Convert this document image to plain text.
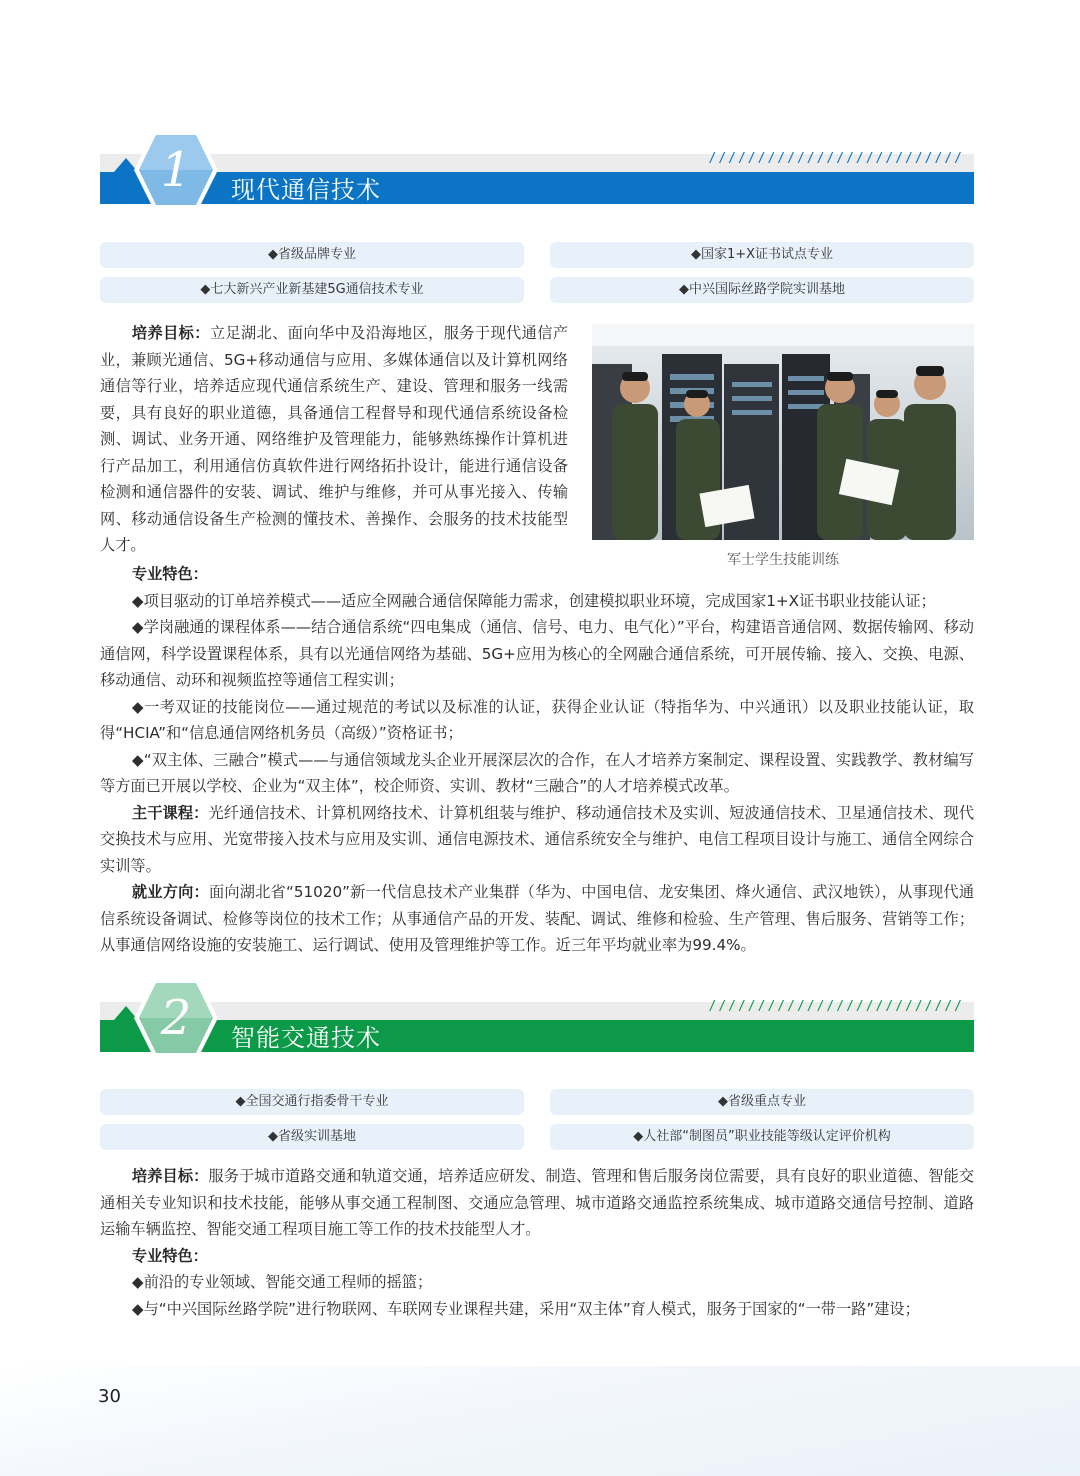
//////////////////////////
1	现代通信技术
◆省级品牌专业	◆国家1+X证书试点专业
◆七大新兴产业新基建5G通信技术专业	◆中兴国际丝路学院实训基地

培养目标：立足湖北、面向华中及沿海地区，服务于现代通信产业，兼顾光通信、5G+移动通信与应用、多媒体通信以及计算机网络通信等行业，培养适应现代通信系统生产、建设、管理和服务一线需要，具有良好的职业道德，具备通信工程督导和现代通信系统设备检测、调试、业务开通、网络维护及管理能力，能够熟练操作计算机进行产品加工，利用通信仿真软件进行网络拓扑设计，能进行通信设备检测和通信器件的安装、调试、维护与维修，并可从事光接入、传输网、移动通信设备生产检测的懂技术、善操作、会服务的技术技能型人才。

军士学生技能训练

专业特色：

◆项目驱动的订单培养模式——适应全网融合通信保障能力需求，创建模拟职业环境，完成国家1+X证书职业技能认证；

◆学岗融通的课程体系——结合通信系统“四电集成（通信、信号、电力、电气化）”平台，构建语音通信网、数据传输网、移动通信网，科学设置课程体系，具有以光通信网络为基础、5G+应用为核心的全网融合通信系统，可开展传输、接入、交换、电源、移动通信、动环和视频监控等通信工程实训；

◆一考双证的技能岗位——通过规范的考试以及标准的认证，获得企业认证（特指华为、中兴通讯）以及职业技能认证，取得“HCIA”和“信息通信网络机务员（高级）”资格证书；

◆“双主体、三融合”模式——与通信领域龙头企业开展深层次的合作，在人才培养方案制定、课程设置、实践教学、教材编写等方面已开展以学校、企业为“双主体”，校企师资、实训、教材“三融合”的人才培养模式改革。

主干课程：光纤通信技术、计算机网络技术、计算机组装与维护、移动通信技术及实训、短波通信技术、卫星通信技术、现代交换技术与应用、光宽带接入技术与应用及实训、通信电源技术、通信系统安全与维护、电信工程项目设计与施工、通信全网综合实训等。

就业方向：面向湖北省“51020”新一代信息技术产业集群（华为、中国电信、龙安集团、烽火通信、武汉地铁），从事现代通信系统设备调试、检修等岗位的技术工作；从事通信产品的开发、装配、调试、维修和检验、生产管理、售后服务、营销等工作；从事通信网络设施的安装施工、运行调试、使用及管理维护等工作。近三年平均就业率为99.4%。

//////////////////////////
2	智能交通技术
◆全国交通行指委骨干专业	◆省级重点专业
◆省级实训基地	◆人社部“制图员”职业技能等级认定评价机构

培养目标：服务于城市道路交通和轨道交通，培养适应研发、制造、管理和售后服务岗位需要，具有良好的职业道德、智能交通相关专业知识和技术技能，能够从事交通工程制图、交通应急管理、城市道路交通监控系统集成、城市道路交通信号控制、道路运输车辆监控、智能交通工程项目施工等工作的技术技能型人才。

专业特色：

◆前沿的专业领域、智能交通工程师的摇篮；

◆与“中兴国际丝路学院”进行物联网、车联网专业课程共建，采用“双主体”育人模式，服务于国家的“一带一路”建设；

30
